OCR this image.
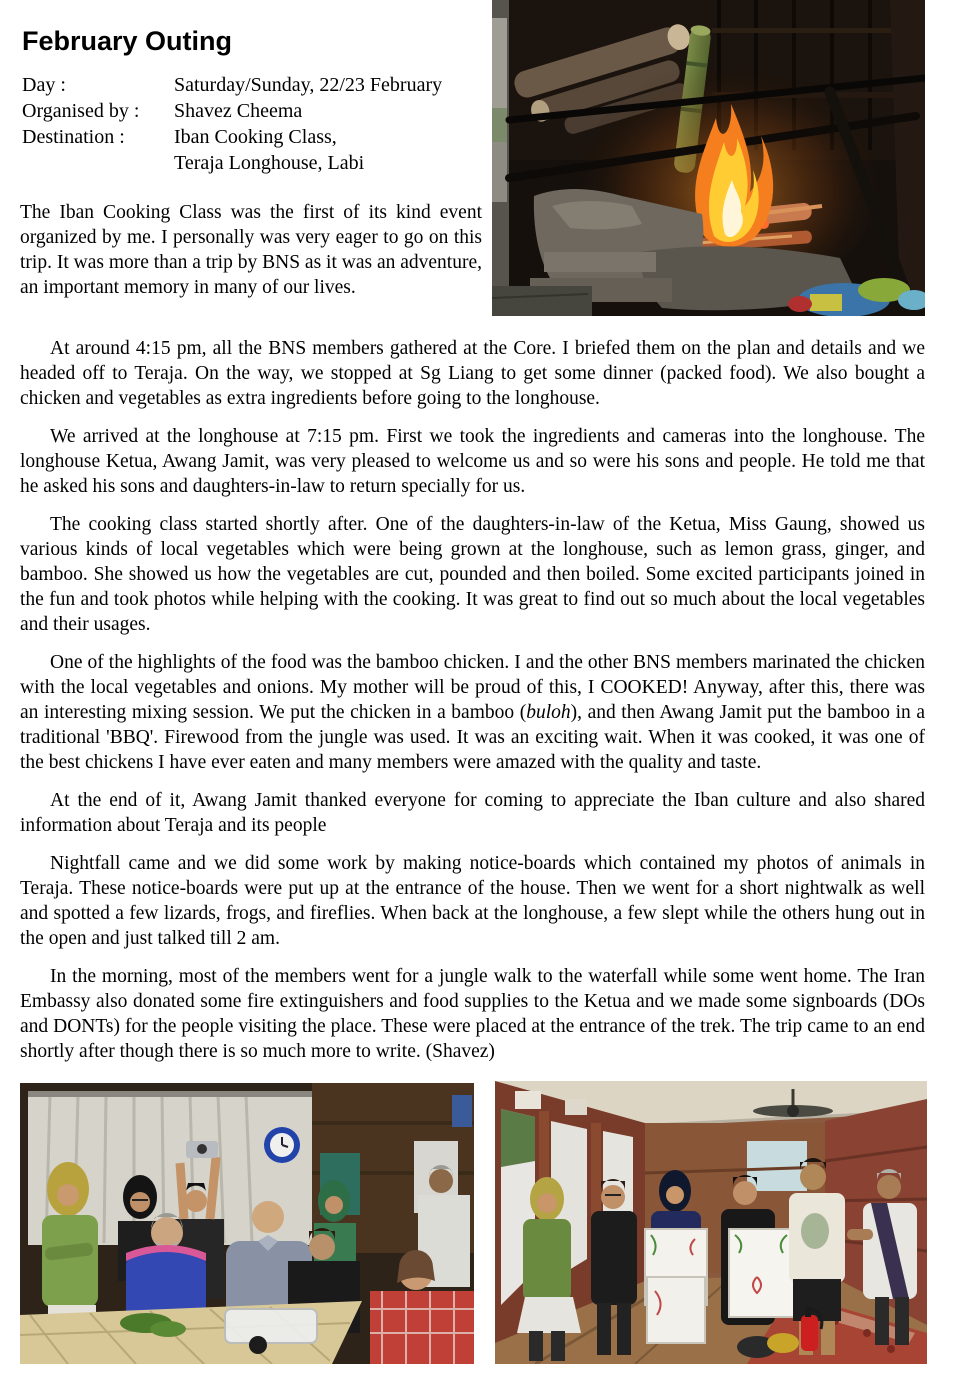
February Outing
Day :	Saturday/Sunday, 22/23 February
Organised by :	Shavez Cheema
Destination :	Iban Cooking Class,
Teraja Longhouse, Labi

The Iban Cooking Class was the first of its kind event organized by me. I personally was very eager to go on this trip. It was more than a trip by BNS as it was an adventure, an important memory in many of our lives.

At around 4:15 pm, all the BNS members gathered at the Core. I briefed them on the plan and details and we headed off to Teraja. On the way, we stopped at Sg Liang to get some dinner (packed food). We also bought a chicken and vegetables as extra ingredients before going to the longhouse.

We arrived at the longhouse at 7:15 pm. First we took the ingredients and cameras into the longhouse. The longhouse Ketua, Awang Jamit, was very pleased to welcome us and so were his sons and people. He told me that he asked his sons and daughters-in-law to return specially for us.

The cooking class started shortly after. One of the daughters-in-law of the Ketua, Miss Gaung, showed us various kinds of local vegetables which were being grown at the longhouse, such as lemon grass, ginger, and bamboo. She showed us how the vegetables are cut, pounded and then boiled. Some excited participants joined in the fun and took photos while helping with the cooking. It was great to find out so much about the local vegetables and their usages.

One of the highlights of the food was the bamboo chicken. I and the other BNS members marinated the chicken with the local vegetables and onions. My mother will be proud of this, I COOKED! Anyway, after this, there was an interesting mixing session. We put the chicken in a bamboo (buloh), and then Awang Jamit put the bamboo in a traditional 'BBQ'. Firewood from the jungle was used. It was an exciting wait. When it was cooked, it was one of the best chickens I have ever eaten and many members were amazed with the quality and taste.

At the end of it, Awang Jamit thanked everyone for coming to appreciate the Iban culture and also shared information about Teraja and its people

Nightfall came and we did some work by making notice-boards which contained my photos of animals in Teraja. These notice-boards were put up at the entrance of the house. Then we went for a short nightwalk as well and spotted a few lizards, frogs, and fireflies. When back at the longhouse, a few slept while the others hung out in the open and just talked till 2 am.

In the morning, most of the members went for a jungle walk to the waterfall while some went home. The Iran Embassy also donated some fire extinguishers and food supplies to the Ketua and we made some signboards (DOs and DONTs) for the people visiting the place. These were placed at the entrance of the trek. The trip came to an end shortly after though there is so much more to write. (Shavez)
